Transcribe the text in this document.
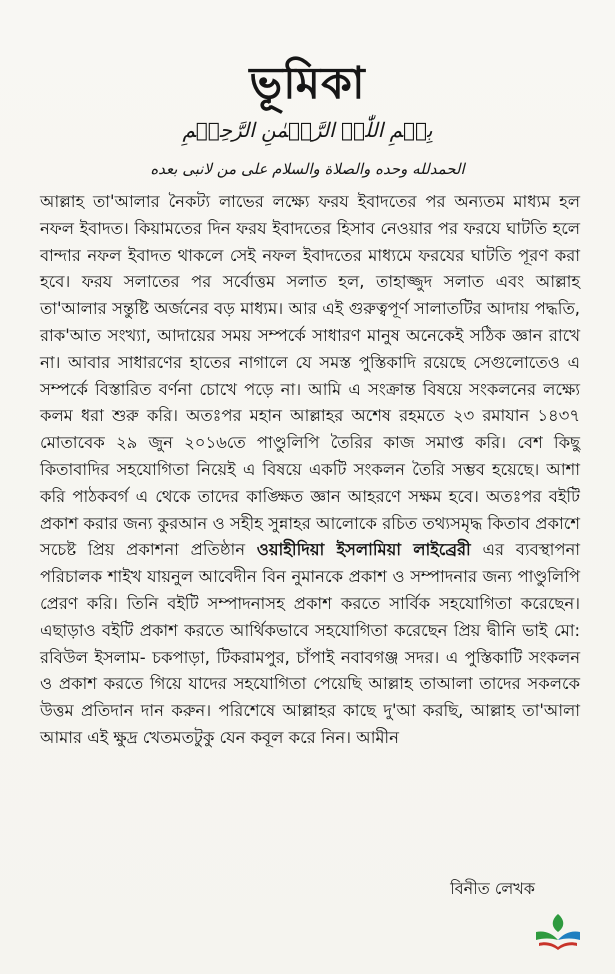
ভূমিকা
بِسۡمِ اللّٰہِ الرَّحۡمٰنِ الرَّحِیۡمِ
الحمدلله وحده والصلاة والسلام علی من لانبی بعده
আল্লাহ তা'আলার নৈকট্য লাভের লক্ষ্যে ফরয ইবাদতের পর অন্যতম মাধ্যম হল নফল ইবাদত। কিয়ামতের দিন ফরয ইবাদতের হিসাব নেওয়ার পর ফরযে ঘাটতি হলে বান্দার নফল ইবাদত থাকলে সেই নফল ইবাদতের মাধ্যমে ফরযের ঘাটতি পূরণ করা হবে। ফরয সলাতের পর সর্বোত্তম সলাত হল, তাহাজ্জুদ সলাত এবং আল্লাহ তা'আলার সন্তুষ্টি অর্জনের বড় মাধ্যম। আর এই গুরুত্বপূর্ণ সালাতটির আদায় পদ্ধতি, রাক'আত সংখ্যা, আদায়ের সময় সম্পর্কে সাধারণ মানুষ অনেকেই সঠিক জ্ঞান রাখে না। আবার সাধারণের হাতের নাগালে যে সমস্ত পুস্তিকাদি রয়েছে সেগুলোতেও এ সম্পর্কে বিস্তারিত বর্ণনা চোখে পড়ে না। আমি এ সংক্রান্ত বিষয়ে সংকলনের লক্ষ্যে কলম ধরা শুরু করি। অতঃপর মহান আল্লাহর অশেষ রহমতে ২৩ রমাযান ১৪৩৭ মোতাবেক ২৯ জুন ২০১৬তে পাণ্ডুলিপি তৈরির কাজ সমাপ্ত করি। বেশ কিছু কিতাবাদির সহযোগিতা নিয়েই এ বিষয়ে একটি সংকলন তৈরি সম্ভব হয়েছে। আশা করি পাঠকবর্গ এ থেকে তাদের কাঙ্ক্ষিত জ্ঞান আহরণে সক্ষম হবে। অতঃপর বইটি প্রকাশ করার জন্য কুরআন ও সহীহ সুন্নাহর আলোকে রচিত তথ্যসমৃদ্ধ কিতাব প্রকাশে সচেষ্ট প্রিয় প্রকাশনা প্রতিষ্ঠান ওয়াহীদিয়া ইসলামিয়া লাইব্রেরী এর ব্যবস্থাপনা পরিচালক শাইখ যায়নুল আবেদীন বিন নুমানকে প্রকাশ ও সম্পাদনার জন্য পাণ্ডুলিপি প্রেরণ করি। তিনি বইটি সম্পাদনাসহ প্রকাশ করতে সার্বিক সহযোগিতা করেছেন। এছাড়াও বইটি প্রকাশ করতে আর্থিকভাবে সহযোগিতা করেছেন প্রিয় দ্বীনি ভাই মো: রবিউল ইসলাম- চকপাড়া, টিকরামপুর, চাঁপাই নবাবগঞ্জ সদর। এ পুস্তিকাটি সংকলন ও প্রকাশ করতে গিয়ে যাদের সহযোগিতা পেয়েছি আল্লাহ তাআলা তাদের সকলকে উত্তম প্রতিদান দান করুন। পরিশেষে আল্লাহর কাছে দু'আ করছি, আল্লাহ তা'আলা আমার এই ক্ষুদ্র খেতমতটুকু যেন কবূল করে নিন। আমীন
বিনীত লেখক
